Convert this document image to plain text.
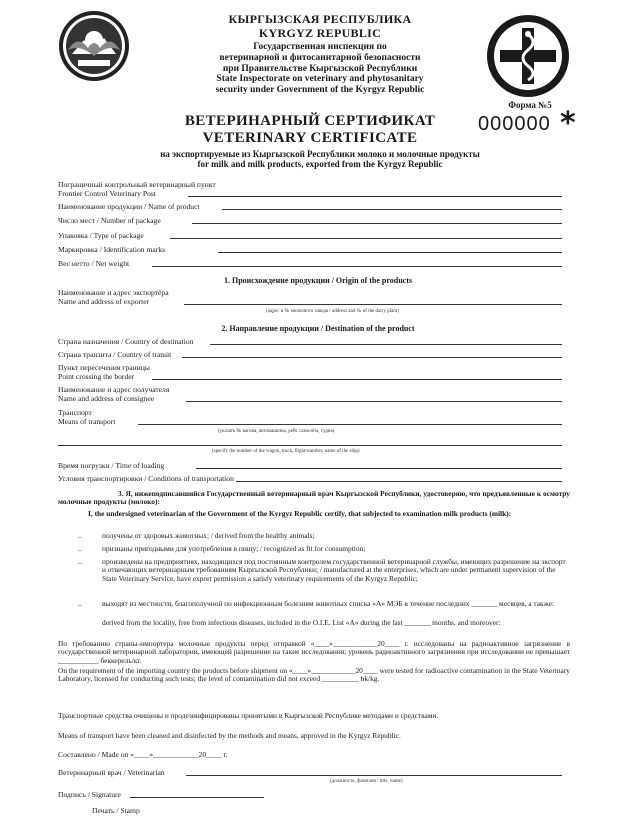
КЫРГЫЗСКАЯ РЕСПУБЛИКА
KYRGYZ REPUBLIC
Государственная инспекция по
ветеринарной и фитосанитарной безопасности
при Правительстве Кыргызской Республики
State Inspectorate on veterinary and phytosanitary
security under Government of the Kyrgyz Republic
Форма №5
ВЕТЕРИНАРНЫЙ СЕРТИФИКАТ
VETERINARY CERTIFICATE
000000 *
на экспортируемые из Кыргызской Республики молоко и молочные продукты
for milk and milk products, exported from the Kyrgyz Republic
Пограничный контрольный ветеринарный пункт
Frontier Control Veterinary Post
Наименование продукции / Name of product
Число мест / Number of package
Упаковка / Type of package
Маркировка / Identification marks
Вес нетто / Net weight
1. Происхождение продукции / Origin of the products
Наименование и адрес экспортёра
Name and address of exporter
(адрес и № молочного завода / address and № of the dairy plant)
2. Направление продукции / Destination of the product
Страна назначения / Country of destination
Страна транзита / Country of transit
Пункт пересечения границы
Point crossing the border
Наименование и адрес получателя
Name and address of consignee
Транспорт
Means of transport
(указать № вагона, автомашины, рейс самолёта, судна)
(specify the number of the wagon, truck, flight-number, name of the ship)
Время погрузки / Time of loading
Условия транспортировки / Conditions of transportation
3. Я, нижеподписавшийся Государственный ветеринарный врач Кыргызской Республики, удостоверяю, что предъявленные к осмотру молочные продукты (молоко):
I, the undersigned veterinarian of the Government of the Kyrgyz Republic certify, that subjected to examination milk products (milk):
–	получены от здоровых животных; / derived from the healthy animals;
–	признаны пригодными для употребления в пищу; / recognized as fit for consumption;
–	произведены на предприятиях, находящихся под постоянным контролем государственной ветеринарной службы, имеющих разрешение на экспорт и отвечающих ветеринарным требованиям Кыргызской Республики; / manufactured at the enterprises, which are under permanent supervision of the State Veterinary Service, have export permission a satisfy veterinary requirements of the Kyrgyz Republic;
–	выходят из местности, благополучной по инфекционным болезням животных списка «А» МЭБ в течение последних _______ месяцев, а также:
derived from the locality, free from infectious diseases, included in the O.I.E. List «A» during the last _______ months, and moreover:
По требованию страны-импортера молочные продукты перед отправкой «____»____________20____ г. исследованы на радиоактивное загрязнение в государственной ветеринарной лаборатории, имеющей разрешение на такие исследования; уровень радиоактивного загрязнения при исследовании не превышает ___________ беккерель/кг.
On the requirement of the importing country the products before shipment on «____»____________20____ were tested for radioactive contamination in the State Veterinary Laboratory, licensed for conducting such tests; the level of contamination did not exceed __________ bk/kg.
Транспортные средства очищены и продезинфицированы принятыми в Кыргызской Республике методами и средствами.
Means of transport have been cleaned and disinfected by the methods and means, approved in the Kyrgyz Republic.
Составлено / Made on «____»____________20____ г.
Ветеринарный врач / Veterinarian
(должность, фамилия / title, name)
Подпись / Signature
Печать / Stamp
